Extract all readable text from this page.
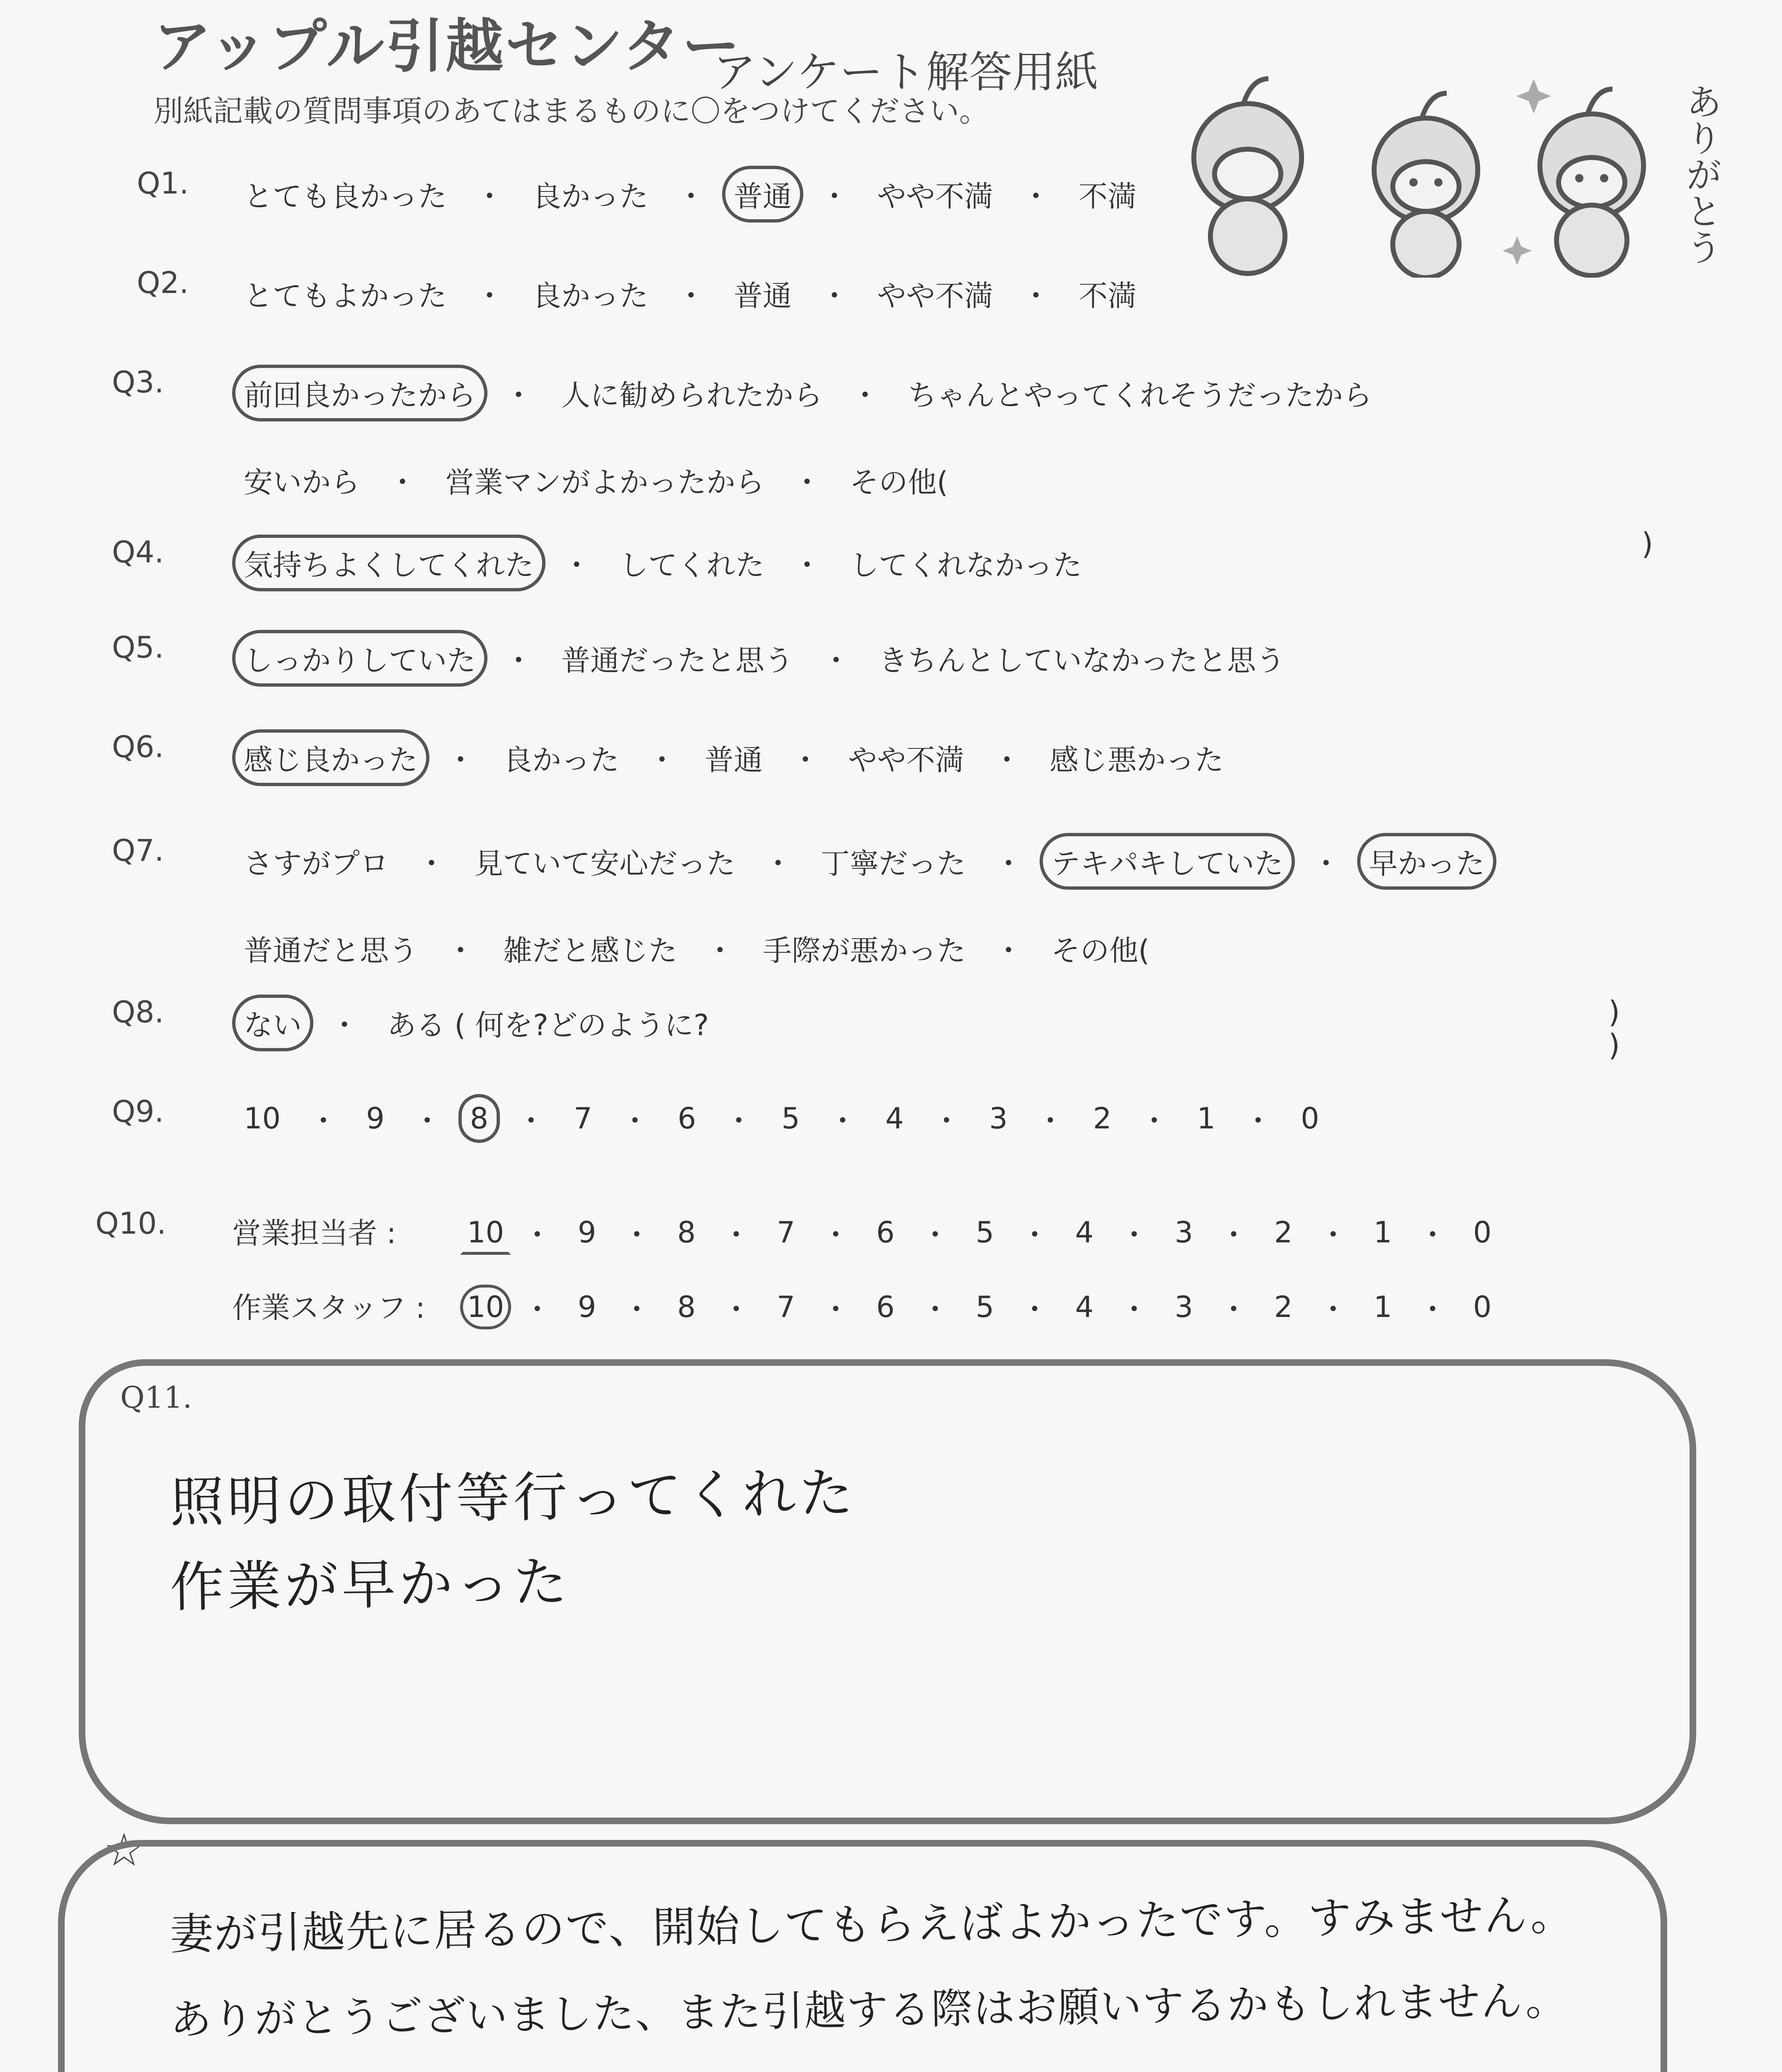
アップル引越センター
アンケート解答用紙
別紙記載の質問事項のあてはまるものに〇をつけてください。	ありがとう
Q1.	とても良かった ・ 良かった ・ 普通 ・ やや不満 ・ 不満
Q2.	とてもよかった ・ 良かった ・ 普通 ・ やや不満 ・ 不満
Q3.	前回良かったから ・ 人に勧められたから ・ ちゃんとやってくれそうだったから
安いから ・ 営業マンがよかったから ・ その他(
)
Q4.	気持ちよくしてくれた ・ してくれた ・ してくれなかった
Q5.	しっかりしていた ・ 普通だったと思う ・ きちんとしていなかったと思う
Q6.	感じ良かった ・ 良かった ・ 普通 ・ やや不満 ・ 感じ悪かった
Q7.	さすがプロ ・ 見ていて安心だった ・ 丁寧だった ・ テキパキしていた ・ 早かった
普通だと思う ・ 雑だと感じた ・ 手際が悪かった ・ その他(
)
Q8.	ない ・ ある ( 何を?どのように?
)
Q9.	10 ・ 9 ・ 8 ・ 7 ・ 6 ・ 5 ・ 4 ・ 3 ・ 2 ・ 1 ・ 0
Q10. 営業担当者 : 10 ・ 9 ・ 8 ・ 7 ・ 6 ・ 5 ・ 4 ・ 3 ・ 2 ・ 1 ・ 0
作業スタッフ : 10 ・ 9 ・ 8 ・ 7 ・ 6 ・ 5 ・ 4 ・ 3 ・ 2 ・ 1 ・ 0
Q11.
照明の取付等行ってくれた
作業が早かった
☆
妻が引越先に居るので、開始してもらえばよかったです。すみません。
ありがとうございました、また引越する際はお願いするかもしれません。
